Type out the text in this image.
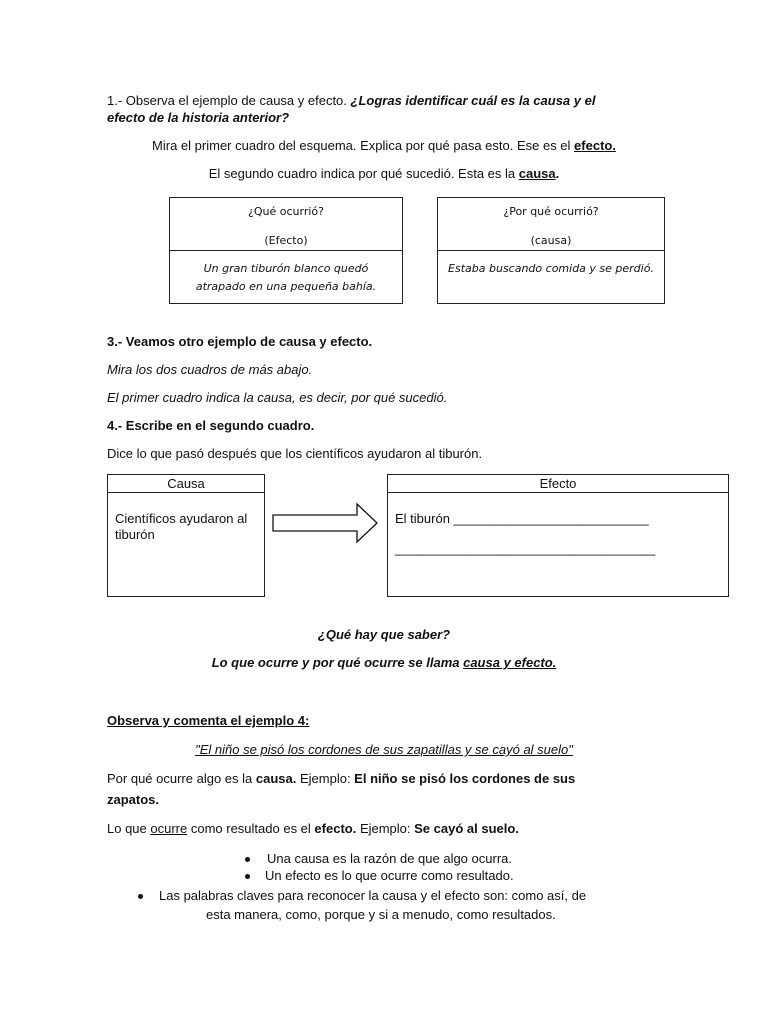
1.- Observa el ejemplo de causa y efecto. ¿Logras identificar cuál es la causa y el
efecto de la historia anterior?
Mira el primer cuadro del esquema. Explica por qué pasa esto. Ese es el efecto.
El segundo cuadro indica por qué sucedió. Esta es la causa.
¿Qué ocurrió?
(Efecto)
Un gran tiburón blanco quedó
atrapado en una pequeña bahía.
¿Por qué ocurrió?
(causa)
Estaba buscando comida y se perdió.
3.- Veamos otro ejemplo de causa y efecto.
Mira los dos cuadros de más abajo.
El primer cuadro indica la causa, es decir, por qué sucedió.
4.- Escribe en el segundo cuadro.
Dice lo que pasó después que los científicos ayudaron al tiburón.
Causa
Científicos ayudaron al
tiburón
Efecto
El tiburón ___________________________
____________________________________
¿Qué hay que saber?
Lo que ocurre y por qué ocurre se llama causa y efecto.
Observa y comenta el ejemplo 4:
"El niño se pisó los cordones de sus zapatillas y se cayó al suelo"
Por qué ocurre algo es la causa. Ejemplo: El niño se pisó los cordones de sus
zapatos.
Lo que ocurre como resultado es el efecto. Ejemplo: Se cayó al suelo.
Una causa es la razón de que algo ocurra.
Un efecto es lo que ocurre como resultado.
Las palabras claves para reconocer la causa y el efecto son: como así, de
esta manera, como, porque y si a menudo, como resultados.
